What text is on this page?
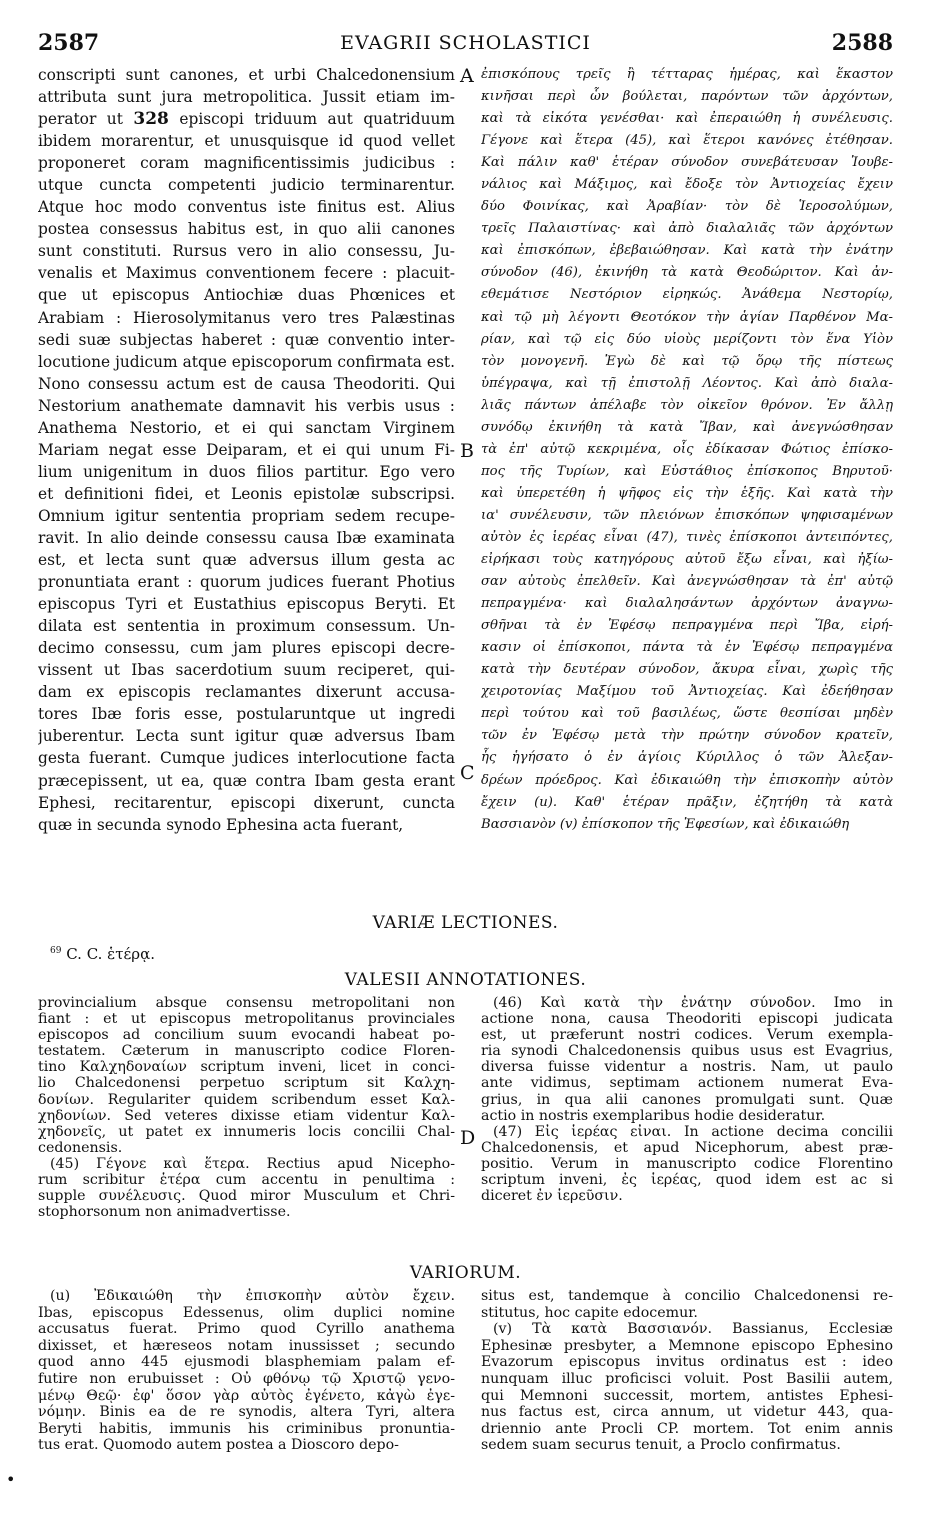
2587	EVAGRII SCHOLASTICI	2588
conscripti sunt canones, et urbi Chalcedonensium
attributa sunt jura metropolitica. Jussit etiam im-
perator ut 328 episcopi triduum aut quatriduum
ibidem morarentur, et unusquisque id quod vellet
proponeret coram magnificentissimis judicibus :
utque cuncta competenti judicio terminarentur.
Atque hoc modo conventus iste finitus est. Alius
postea consessus habitus est, in quo alii canones
sunt constituti. Rursus vero in alio consessu, Ju-
venalis et Maximus conventionem fecere : placuit-
que ut episcopus Antiochiæ duas Phœnices et
Arabiam : Hierosolymitanus vero tres Palæstinas
sedi suæ subjectas haberet : quæ conventio inter-
locutione judicum atque episcoporum confirmata est.
Nono consessu actum est de causa Theodoriti. Qui
Nestorium anathemate damnavit his verbis usus :
Anathema Nestorio, et ei qui sanctam Virginem
Mariam negat esse Deiparam, et ei qui unum Fi-
lium unigenitum in duos filios partitur. Ego vero
et definitioni fidei, et Leonis epistolæ subscripsi.
Omnium igitur sententia propriam sedem recupe-
ravit. In alio deinde consessu causa Ibæ examinata
est, et lecta sunt quæ adversus illum gesta ac
pronuntiata erant : quorum judices fuerant Photius
episcopus Tyri et Eustathius episcopus Beryti. Et
dilata est sententia in proximum consessum. Un-
decimo consessu, cum jam plures episcopi decre-
vissent ut Ibas sacerdotium suum reciperet, qui-
dam ex episcopis reclamantes dixerunt accusa-
tores Ibæ foris esse, postularuntque ut ingredi
juberentur. Lecta sunt igitur quæ adversus Ibam
gesta fuerant. Cumque judices interlocutione facta
præcepissent, ut ea, quæ contra Ibam gesta erant
Ephesi, recitarentur, episcopi dixerunt, cuncta
quæ in secunda synodo Ephesina acta fuerant,
ἐπισκόπους τρεῖς ἢ τέτταρας ἡμέρας, καὶ ἕκαστον
κινῆσαι περὶ ὧν βούλεται, παρόντων τῶν ἀρχόντων,
καὶ τὰ εἰκότα γενέσθαι· καὶ ἐπεραιώθη ἡ συνέλευσις.
Γέγονε καὶ ἕτερα (45), καὶ ἕτεροι κανόνες ἐτέθησαν.
Καὶ πάλιν καθ' ἑτέραν σύνοδον συνεβάτευσαν Ἰουβε-
νάλιος καὶ Μάξιμος, καὶ ἔδοξε τὸν Ἀντιοχείας ἔχειν
δύο Φοινίκας, καὶ Ἀραβίαν· τὸν δὲ Ἱεροσολύμων,
τρεῖς Παλαιστίνας· καὶ ἀπὸ διαλαλιᾶς τῶν ἀρχόντων
καὶ ἐπισκόπων, ἐβεβαιώθησαν. Καὶ κατὰ τὴν ἐνάτην
σύνοδον (46), ἐκινήθη τὰ κατὰ Θεοδώριτον. Καὶ ἀν-
εθεμάτισε Νεστόριον εἰρηκώς. Ἀνάθεμα Νεστορίῳ,
καὶ τῷ μὴ λέγοντι Θεοτόκον τὴν ἁγίαν Παρθένον Μα-
ρίαν, καὶ τῷ εἰς δύο υἱοὺς μερίζοντι τὸν ἕνα Υἱὸν
τὸν μονογενῆ. Ἐγὼ δὲ καὶ τῷ ὅρῳ τῆς πίστεως
ὑπέγραψα, καὶ τῇ ἐπιστολῇ Λέοντος. Καὶ ἀπὸ διαλα-
λιᾶς πάντων ἀπέλαβε τὸν οἰκεῖον θρόνον. Ἐν ἄλλῃ
συνόδῳ ἐκινήθη τὰ κατὰ Ἴβαν, καὶ ἀνεγνώσθησαν
τὰ ἐπ' αὐτῷ κεκριμένα, οἷς ἐδίκασαν Φώτιος ἐπίσκο-
πος τῆς Τυρίων, καὶ Εὐστάθιος ἐπίσκοπος Βηρυτοῦ·
καὶ ὑπερετέθη ἡ ψῆφος εἰς τὴν ἑξῆς. Καὶ κατὰ τὴν
ια' συνέλευσιν, τῶν πλειόνων ἐπισκόπων ψηφισαμένων
αὐτὸν ἐς ἱερέας εἶναι (47), τινὲς ἐπίσκοποι ἀντειπόντες,
εἰρήκασι τοὺς κατηγόρους αὐτοῦ ἔξω εἶναι, καὶ ἠξίω-
σαν αὐτοὺς ἐπελθεῖν. Καὶ ἀνεγνώσθησαν τὰ ἐπ' αὐτῷ
πεπραγμένα· καὶ διαλαλησάντων ἀρχόντων ἀναγνω-
σθῆναι τὰ ἐν Ἐφέσῳ πεπραγμένα περὶ Ἴβα, εἰρή-
κασιν οἱ ἐπίσκοποι, πάντα τὰ ἐν Ἐφέσῳ πεπραγμένα
κατὰ τὴν δευτέραν σύνοδον, ἄκυρα εἶναι, χωρὶς τῆς
χειροτονίας Μαξίμου τοῦ Ἀντιοχείας. Καὶ ἐδεήθησαν
περὶ τούτου καὶ τοῦ βασιλέως, ὥστε θεσπίσαι μηδὲν
τῶν ἐν Ἐφέσῳ μετὰ τὴν πρώτην σύνοδον κρατεῖν,
ἧς ἡγήσατο ὁ ἐν ἁγίοις Κύριλλος ὁ τῶν Ἀλεξαν-
δρέων πρόεδρος. Καὶ ἐδικαιώθη τὴν ἐπισκοπὴν αὐτὸν
ἔχειν (u). Καθ' ἑτέραν πρᾶξιν, ἐζητήθη τὰ κατὰ
Βασσιανὸν (v) ἐπίσκοπον τῆς Ἐφεσίων, καὶ ἐδικαιώθη
A
B
C
VARIÆ LECTIONES.
$^{69}$ C. C. ἑτέρᾳ.
VALESII ANNOTATIONES.
provincialium absque consensu metropolitani non
fiant : et ut episcopus metropolitanus provinciales
episcopos ad concilium suum evocandi habeat po-
testatem. Cæterum in manuscripto codice Floren-
tino Καλχηδοναίων scriptum inveni, licet in conci-
lio Chalcedonensi perpetuo scriptum sit Καλχη-
δονίων. Regulariter quidem scribendum esset Καλ-
χηδονίων. Sed veteres dixisse etiam videntur Καλ-
χηδονεῖς, ut patet ex innumeris locis concilii Chal-
cedonensis.
(45) Γέγονε καὶ ἕτερα. Rectius apud Nicepho-
rum scribitur ἑτέρα cum accentu in penultima :
supple συνέλευσις. Quod miror Musculum et Chri-
stophorsonum non animadvertisse.
(46) Καὶ κατὰ τὴν ἐνάτην σύνοδον. Imo in
actione nona, causa Theodoriti episcopi judicata
est, ut præferunt nostri codices. Verum exempla-
ria synodi Chalcedonensis quibus usus est Evagrius,
diversa fuisse videntur a nostris. Nam, ut paulo
ante vidimus, septimam actionem numerat Eva-
grius, in qua alii canones promulgati sunt. Quæ
actio in nostris exemplaribus hodie desideratur.
(47) Εἰς ἱερέας εἶναι. In actione decima concilii
Chalcedonensis, et apud Nicephorum, abest præ-
positio. Verum in manuscripto codice Florentino
scriptum inveni, ἐς ἱερέας, quod idem est ac si
diceret ἐν ἱερεῦσιν.
D
VARIORUM.
(u) Ἐδικαιώθη τὴν ἐπισκοπὴν αὐτὸν ἔχειν.
Ibas, episcopus Edessenus, olim duplici nomine
accusatus fuerat. Primo quod Cyrillo anathema
dixisset, et hæreseos notam inussisset ; secundo
quod anno 445 ejusmodi blasphemiam palam ef-
futire non erubuisset : Οὐ φθόνῳ τῷ Χριστῷ γενο-
μένῳ Θεῷ· ἐφ' ὅσον γὰρ αὐτὸς ἐγένετο, κἀγὼ ἐγε-
νόμην. Binis ea de re synodis, altera Tyri, altera
Beryti habitis, immunis his criminibus pronuntia-
tus erat. Quomodo autem postea a Dioscoro depo-
situs est, tandemque à concilio Chalcedonensi re-
stitutus, hoc capite edocemur.
(v) Τὰ κατὰ Βασσιανόν. Bassianus, Ecclesiæ
Ephesinæ presbyter, a Memnone episcopo Ephesino
Evazorum episcopus invitus ordinatus est : ideo
nunquam illuc proficisci voluit. Post Basilii autem,
qui Memnoni successit, mortem, antistes Ephesi-
nus factus est, circa annum, ut videtur 443, qua-
driennio ante Procli CP. mortem. Tot enim annis
sedem suam securus tenuit, a Proclo confirmatus.
•
